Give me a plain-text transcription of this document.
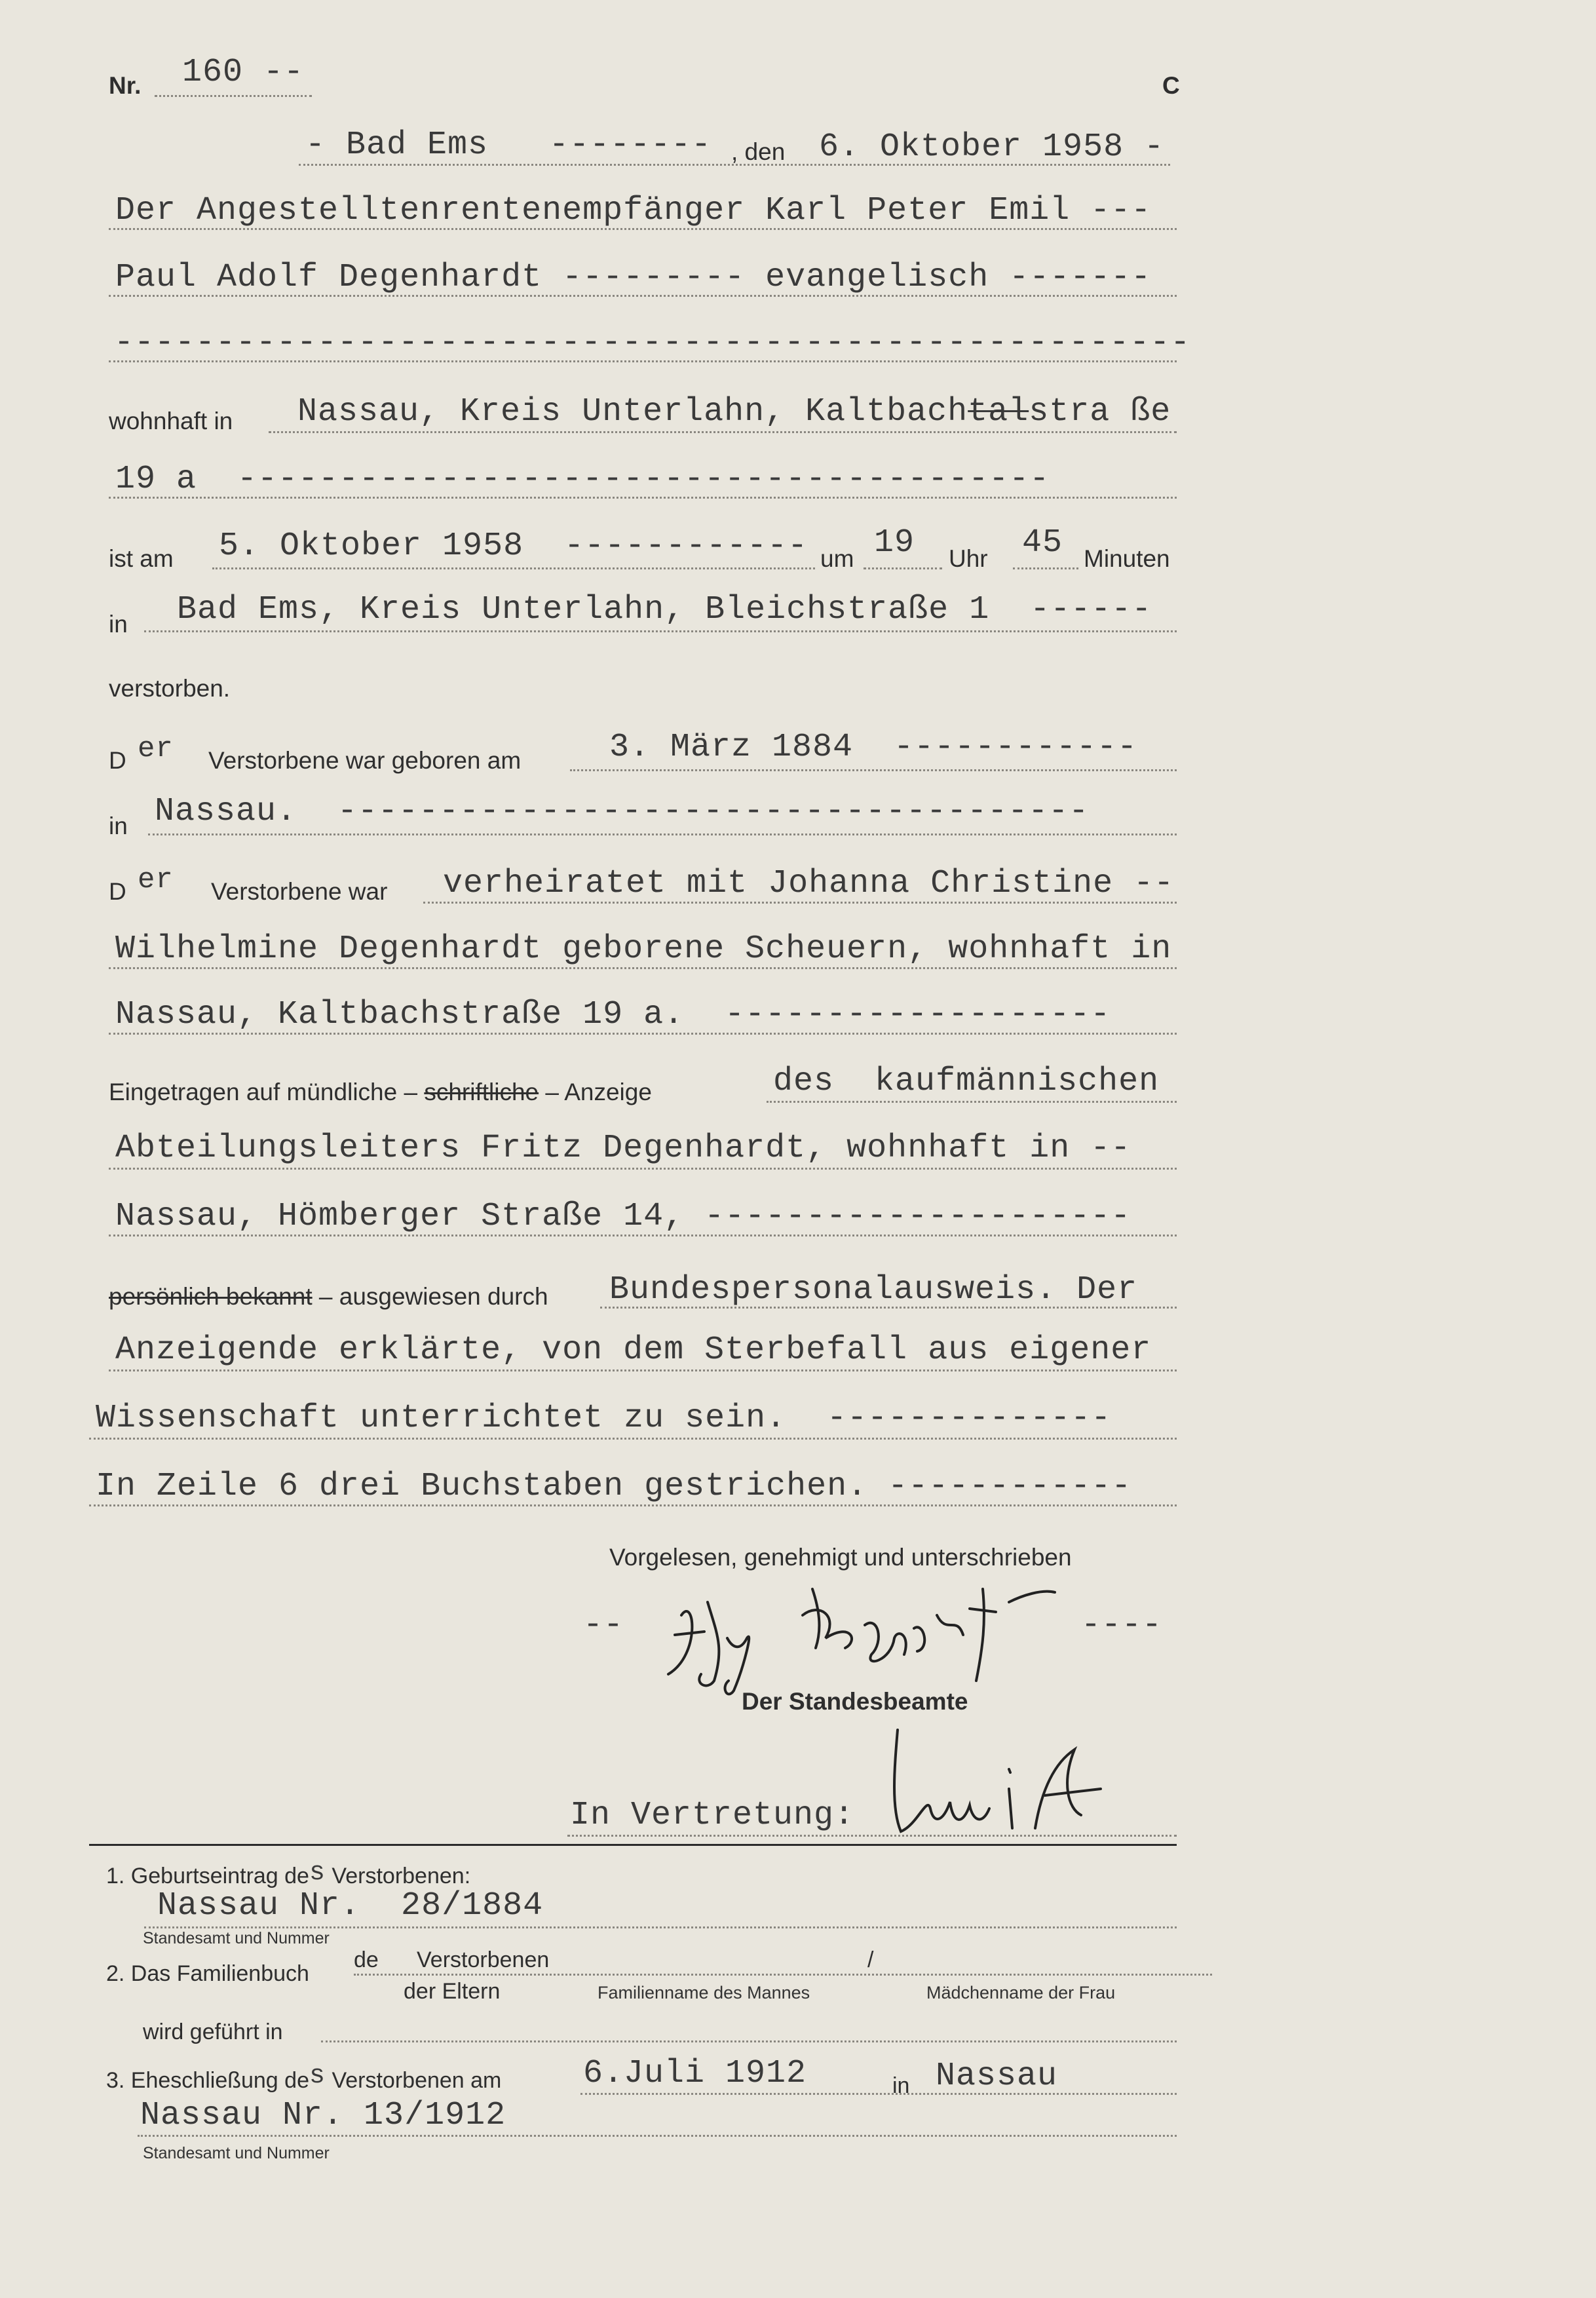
Nr. 160 --	C
- Bad Ems   -------- , den 6. Oktober 1958 -
Der Angestelltenrentenempfänger Karl Peter Emil ---
Paul Adolf Degenhardt --------- evangelisch -------
-----------------------------------------------------
wohnhaft in Nassau, Kreis Unterlahn, Kaltbachtalstra ße
19 a  ----------------------------------------
ist am 5. Oktober 1958  ------------ um 19 Uhr 45 Minuten
in Bad Ems, Kreis Unterlahn, Bleichstraße 1  ------
verstorben.
D er Verstorbene war geboren am	3. März 1884  ------------
in Nassau.  -------------------------------------
D er Verstorbene war verheiratet mit Johanna Christine --
Wilhelmine Degenhardt geborene Scheuern, wohnhaft in
Nassau, Kaltbachstraße 19 a.  -------------------
Eingetragen auf mündliche – schriftliche – Anzeige	des  kaufmännischen
Abteilungsleiters Fritz Degenhardt, wohnhaft in --
Nassau, Hömberger Straße 14, ---------------------
persönlich bekannt – ausgewiesen durch Bundespersonalausweis. Der
Anzeigende erklärte, von dem Sterbefall aus eigener
Wissenschaft unterrichtet zu sein.  --------------
In Zeile 6 drei Buchstaben gestrichen. ------------
Vorgelesen, genehmigt und unterschrieben
--	----
Der Standesbeamte
In Vertretung:
1. Geburtseintrag des Verstorbenen:
Nassau Nr.  28/1884
Standesamt und Nummer
2. Das Familienbuch
de Verstorbenen
der Eltern
/
Familienname des Mannes	Mädchenname der Frau
wird geführt in
3. Eheschließung des Verstorbenen am 6.Juli 1912	in Nassau
Nassau Nr. 13/1912
Standesamt und Nummer
